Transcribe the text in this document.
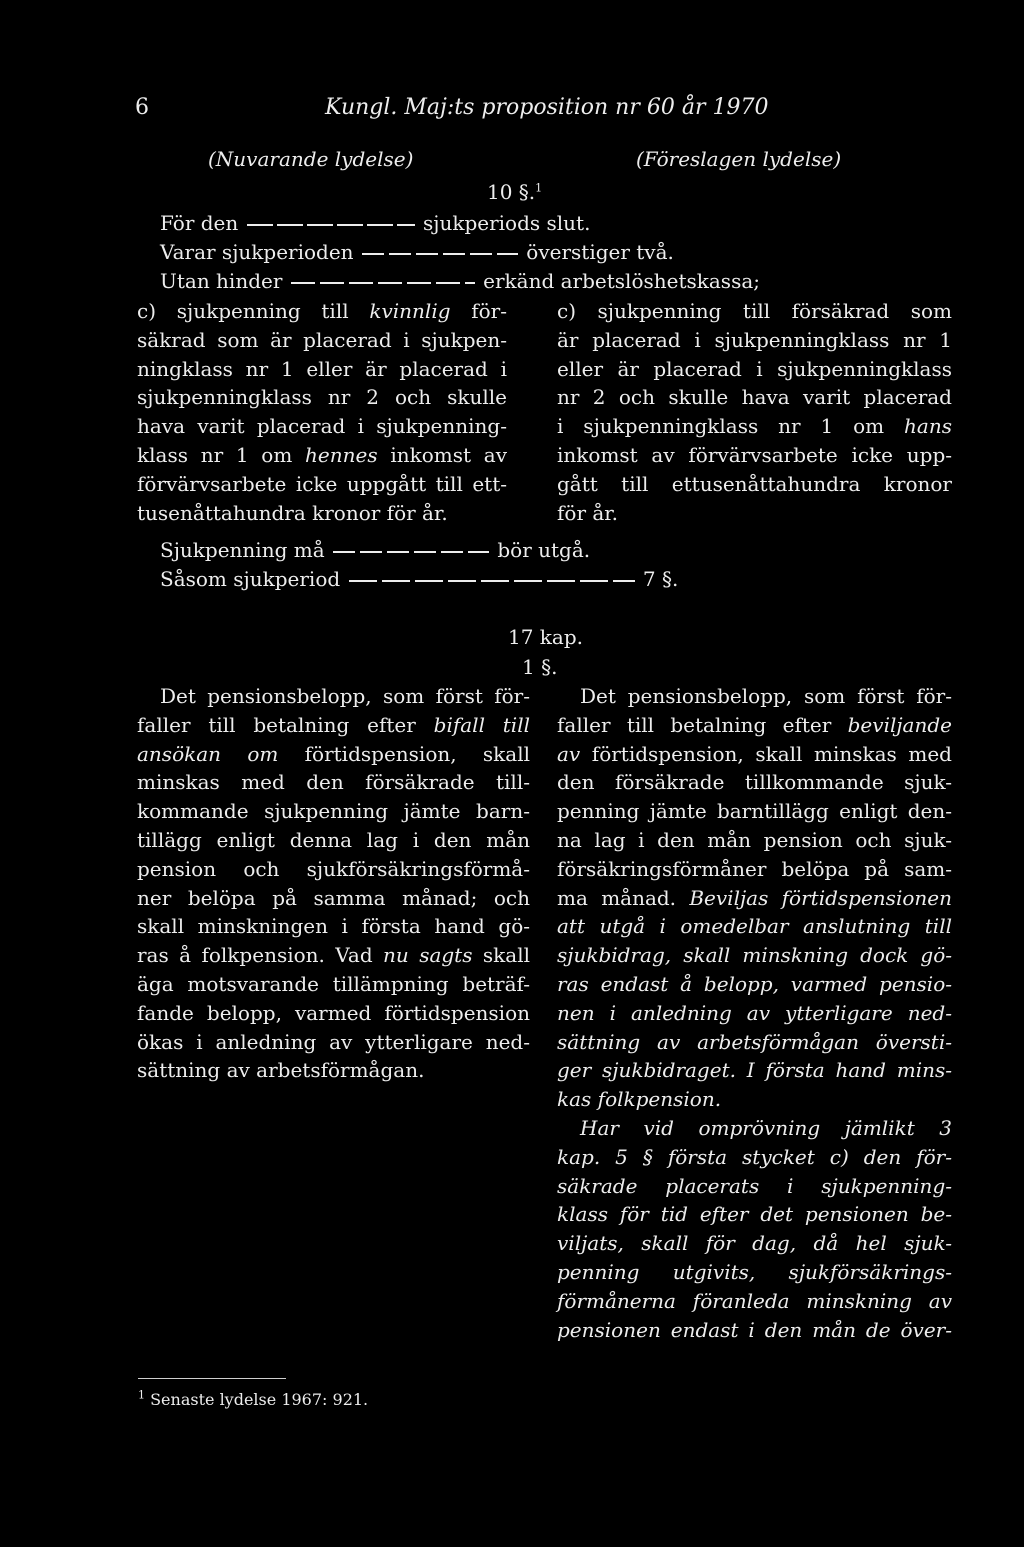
6	Kungl. Maj:ts proposition nr 60 år 1970
(Nuvarande lydelse)	(Föreslagen lydelse)
10 §.$^1$
För den	sjukperiods slut.
Varar sjukperioden	överstiger två.
Utan hinder	erkänd arbetslöshetskassa;
c) sjukpenning till kvinnlig för-
säkrad som är placerad i sjukpen-
ningklass nr 1 eller är placerad i
sjukpenningklass nr 2 och skulle
hava varit placerad i sjukpenning-
klass nr 1 om hennes inkomst av
förvärvsarbete icke uppgått till ett-
tusenåttahundra kronor för år.
c) sjukpenning till försäkrad som
är placerad i sjukpenningklass nr 1
eller är placerad i sjukpenningklass
nr 2 och skulle hava varit placerad
i sjukpenningklass nr 1 om hans
inkomst av förvärvsarbete icke upp-
gått till ettusenåttahundra kronor
för år.
Sjukpenning må	bör utgå.
Såsom sjukperiod	7 §.
17 kap.
1 §.
Det pensionsbelopp, som först för-
faller till betalning efter bifall till
ansökan om förtidspension, skall
minskas med den försäkrade till-
kommande sjukpenning jämte barn-
tillägg enligt denna lag i den mån
pension och sjukförsäkringsförmå-
ner belöpa på samma månad; och
skall minskningen i första hand gö-
ras å folkpension. Vad nu sagts skall
äga motsvarande tillämpning beträf-
fande belopp, varmed förtidspension
ökas i anledning av ytterligare ned-
sättning av arbetsförmågan.
Det pensionsbelopp, som först för-
faller till betalning efter beviljande
av förtidspension, skall minskas med
den försäkrade tillkommande sjuk-
penning jämte barntillägg enligt den-
na lag i den mån pension och sjuk-
försäkringsförmåner belöpa på sam-
ma månad. Beviljas förtidspensionen
att utgå i omedelbar anslutning till
sjukbidrag, skall minskning dock gö-
ras endast å belopp, varmed pensio-
nen i anledning av ytterligare ned-
sättning av arbetsförmågan översti-
ger sjukbidraget. I första hand mins-
kas folkpension.
Har vid omprövning jämlikt 3
kap. 5 § första stycket c) den för-
säkrade placerats i sjukpenning-
klass för tid efter det pensionen be-
viljats, skall för dag, då hel sjuk-
penning utgivits, sjukförsäkrings-
förmånerna föranleda minskning av
pensionen endast i den mån de över-
$^1$ Senaste lydelse 1967: 921.
